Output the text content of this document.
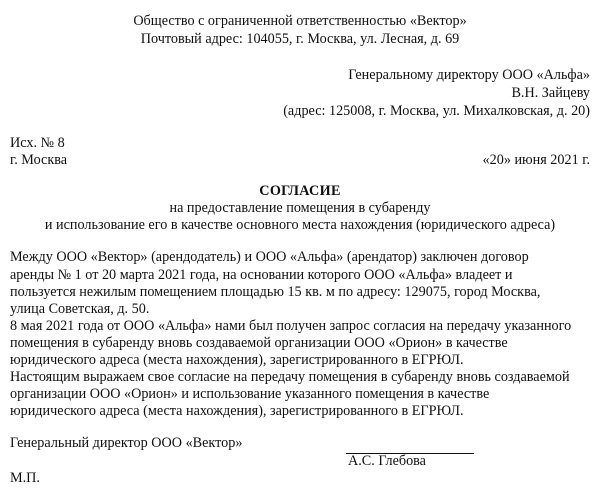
Общество с ограниченной ответственностью «Вектор»
Почтовый адрес: 104055, г. Москва, ул. Лесная, д. 69
Генеральному директору ООО «Альфа»
В.Н. Зайцеву
(адрес: 125008, г. Москва, ул. Михалковская, д. 20)
Исх. № 8
г. Москва	«20» июня 2021 г.
СОГЛАСИЕ
на предоставление помещения в субаренду
и использование его в качестве основного места нахождения (юридического адреса)
Между ООО «Вектор» (арендодатель) и ООО «Альфа» (арендатор) заключен договор
аренды № 1 от 20 марта 2021 года, на основании которого ООО «Альфа» владеет и
пользуется нежилым помещением площадью 15 кв. м по адресу: 129075, город Москва,
улица Советская, д. 50.
8 мая 2021 года от ООО «Альфа» нами был получен запрос согласия на передачу указанного
помещения в субаренду вновь создаваемой организации ООО «Орион» в качестве
юридического адреса (места нахождения), зарегистрированного в ЕГРЮЛ.
Настоящим выражаем свое согласие на передачу помещения в субаренду вновь создаваемой
организации ООО «Орион» и использование указанного помещения в качестве
юридического адреса (места нахождения), зарегистрированного в ЕГРЮЛ.
Генеральный директор ООО «Вектор»
А.С. Глебова
М.П.
